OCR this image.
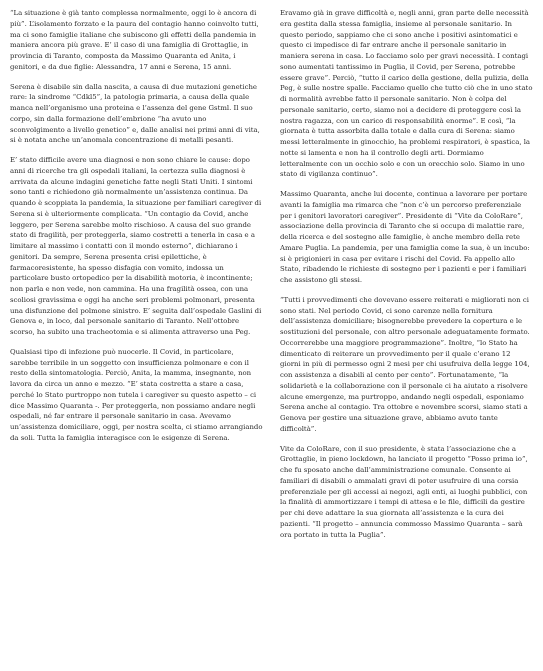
“La situazione è già tanto complessa normalmente, oggi lo è ancora di più”. L’isolamento forzato e la paura del contagio hanno coinvolto tutti, ma ci sono famiglie italiane che subiscono gli effetti della pandemia in maniera ancora più grave. E’ il caso di una famiglia di Grottaglie, in provincia di Taranto, composta da Massimo Quaranta ed Anita, i genitori, e da due figlie: Alessandra, 17 anni e Serena, 15 anni.

Serena è disabile sin dalla nascita, a causa di due mutazioni genetiche rare: la sindrome “Cdkl5”, la patologia primaria, a causa della quale manca nell’organismo una proteina e l’assenza del gene Gstml. Il suo corpo, sin dalla formazione dell’embrione “ha avuto uno sconvolgimento a livello genetico” e, dalle analisi nei primi anni di vita, si è notata anche un’anomala concentrazione di metalli pesanti.

E’ stato difficile avere una diagnosi e non sono chiare le cause: dopo anni di ricerche tra gli ospedali italiani, la certezza sulla diagnosi è arrivata da alcune indagini genetiche fatte negli Stati Uniti. I sintomi sono tanti e richiedono già normalmente un’assistenza continua. Da quando è scoppiata la pandemia, la situazione per familiari caregiver di Serena si è ulteriormente complicata. “Un contagio da Covid, anche leggero, per Serena sarebbe molto rischioso. A causa del suo grande stato di fragilità, per proteggerla, siamo costretti a tenerla in casa e a limitare al massimo i contatti con il mondo esterno”, dichiarano i genitori. Da sempre, Serena presenta crisi epilettiche, è farmacoresistente, ha spesso disfagia con vomito, indossa un particolare busto ortopedico per la disabilità motoria, è incontinente; non parla e non vede, non cammina. Ha una fragilità ossea, con una scoliosi gravissima e oggi ha anche seri problemi polmonari, presenta una disfunzione del polmone sinistro. E’ seguita dall’ospedale Gaslini di Genova e, in loco, dal personale sanitario di Taranto. Nell’ottobre scorso, ha subito una tracheotomia e si alimenta attraverso una Peg.

Qualsiasi tipo di infezione può nuocerle. Il Covid, in particolare, sarebbe terribile in un soggetto con insufficienza polmonare e con il resto della sintomatologia. Perciò, Anita, la mamma, insegnante, non lavora da circa un anno e mezzo. “E’ stata costretta a stare a casa, perché lo Stato purtroppo non tutela i caregiver su questo aspetto – ci dice Massimo Quaranta -. Per proteggerla, non possiamo andare negli ospedali, né far entrare il personale sanitario in casa. Avevamo un’assistenza domiciliare, oggi, per nostra scelta, ci stiamo arrangiando da soli. Tutta la famiglia interagisce con le esigenze di Serena.

Eravamo già in grave difficoltà e, negli anni, gran parte delle necessità era gestita dalla stessa famiglia, insieme al personale sanitario. In questo periodo, sappiamo che ci sono anche i positivi asintomatici e questo ci impedisce di far entrare anche il personale sanitario in maniera serena in casa. Lo facciamo solo per gravi necessità. I contagi sono aumentati tantissimo in Puglia, il Covid, per Serena, potrebbe essere grave”. Perciò, “tutto il carico della gestione, della pulizia, della Peg, è sulle nostre spalle. Facciamo quello che tutto ciò che in uno stato di normalità avrebbe fatto il personale sanitario. Non è colpa del personale sanitario, certo, siamo noi a decidere di proteggere così la nostra ragazza, con un carico di responsabilità enorme”. E così, “la giornata è tutta assorbita dalla totale e dalla cura di Serena: siamo messi letteralmente in ginocchio, ha problemi respiratori, è spastica, la notte si lamenta e non ha il controllo degli arti. Dormiamo letteralmente con un occhio solo e con un orecchio solo. Siamo in uno stato di vigilanza continuo”.

Massimo Quaranta, anche lui docente, continua a lavorare per portare avanti la famiglia ma rimarca che “non c’è un percorso preferenziale per i genitori lavoratori caregiver”. Presidente di “Vite da ColoRare”, associazione della provincia di Taranto che si occupa di malattie rare, della ricerca e del sostegno alle famiglie, è anche membro della rete Amare Puglia. La pandemia, per una famiglia come la sua, è un incubo: si è prigionieri in casa per evitare i rischi del Covid. Fa appello allo Stato, ribadendo le richieste di sostegno per i pazienti e per i familiari che assistono gli stessi.

“Tutti i provvedimenti che dovevano essere reiterati e migliorati non ci sono stati. Nel periodo Covid, ci sono carenze nella fornitura dell’assistenza domiciliare; bisognerebbe prevedere la copertura e le sostituzioni del personale, con altro personale adeguatamente formato. Occorrerebbe una maggiore programmazione”. Inoltre, “lo Stato ha dimenticato di reiterare un provvedimento per il quale c’erano 12 giorni in più di permesso ogni 2 mesi per chi usufruiva della legge 104, con assistenza a disabili al cento per cento”. Fortunatamente, “la solidarietà e la collaborazione con il personale ci ha aiutato a risolvere alcune emergenze, ma purtroppo, andando negli ospedali, esponiamo Serena anche al contagio. Tra ottobre e novembre scorsi, siamo stati a Genova per gestire una situazione grave, abbiamo avuto tante difficoltà”.

Vite da ColoRare, con il suo presidente, è stata l’associazione che a Grottaglie, in pieno lockdown, ha lanciato il progetto “Posso prima io”, che fu sposato anche dall’amministrazione comunale. Consente ai familiari di disabili o ammalati gravi di poter usufruire di una corsia preferenziale per gli accessi ai negozi, agli enti, ai luoghi pubblici, con la finalità di ammortizzare i tempi di attesa e le file, difficili da gestire per chi deve adattare la sua giornata all’assistenza e la cura dei pazienti. “Il progetto – annuncia commosso Massimo Quaranta – sarà ora portato in tutta la Puglia”.
